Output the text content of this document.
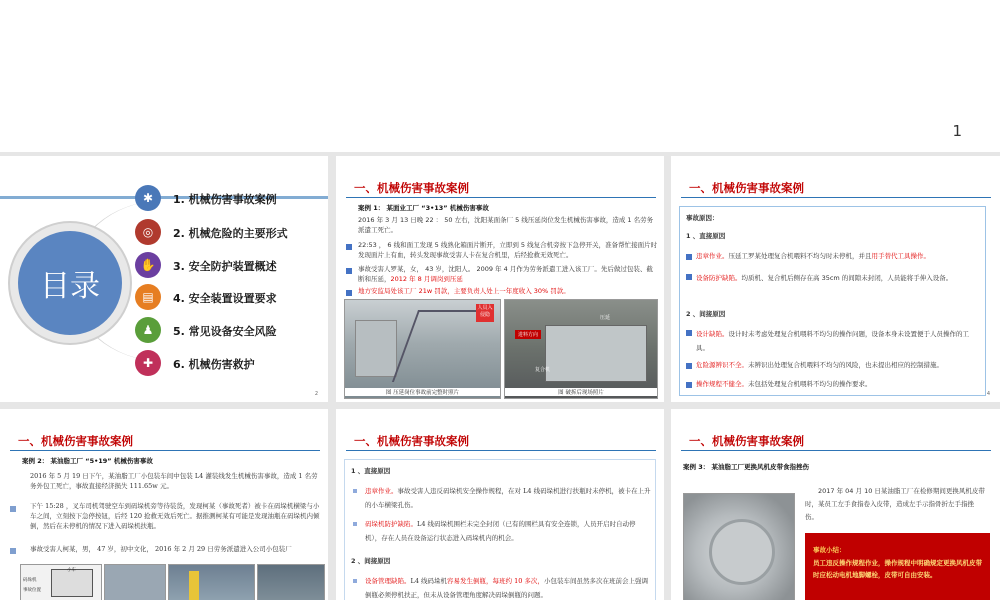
1
目录
✱	1. 机械伤害事故案例
◎	2. 机械危险的主要形式
✋	3. 安全防护装置概述
▤	4. 安全装置设置要求
♟	5. 常见设备安全风险
✚	6. 机械伤害救护
2
一、机械伤害事故案例
案例 1： 某面业工厂 “3•13” 机械伤害事故
2016 年 3 月 13 日晚 22 ： 50 左右，沈阳某面条厂 5 线压延岗位发生机械伤害事故，造成 1 名劳务派遣工死亡。
22:53 ， 6 线和面工发现 5 线熟化箱面片断开，立即到 5 线复合机旁按下急停开关，准备帮忙接面片时发现面片上有血，转头发现事故受害人卡在复合机里，后经抢救无效死亡。
事故受害人罗某，女， 43 岁，沈阳人。 2009 年 4 月作为劳务派遣工进入该工厂。先后做过包装、截断和压延，2012 年 8 月调岗到压延
地方安监局处该工厂 21w 罚款，主要负责人处上一年度收入 30% 罚款。
人员入侵隐
图 压延岗位事故前完整时照片
进料方向
压延
复合机
图 破拆后现场照片
一、机械伤害事故案例
事故原因：
1 、直接原因
违章作业。压延工罗某处理复合机喂料不均匀时未停机，并且用手替代工具操作。
设备防护缺陷。均质机、复合机后侧存在高 35cm 的间隙未封闭，人员能将手伸入设备。
2 、间接原因
设计缺陷。设计时未考虑处理复合机喂料不均匀的操作问题，设备本身未设置便于人员操作的工具。
危险源辨识不全。未辨识出处理复合机喂料不均匀的风险，也未提出相应的控制措施。
操作规程不健全。未包括处理复合机喂料不均匀的操作要求。
4
一、机械伤害事故案例
案例 2： 某油脂工厂 “5•19” 机械伤害事故
2016 年 5 月 19 日下午，某油脂工厂小包装车间中包装 L4 灌装线发生机械伤害事故，造成 1 名劳务外包工死亡，事故直接经济损失 111.65w 元。
下午 15:28 ，叉车司机驾驶空车到码垛机旁等待装货，发现柯某（事故死者）被卡在码垛机横梁与小车之间，立刻按下急停按钮，后经 120 抢救无效后死亡。据推测柯某有可能是发现油瓶在码垛机内倾倒，然后在未停机的情况下进入码垛机扶瓶。
事故受害人柯某，男， 47 岁，初中文化， 2016 年 2 月 29 日劳务派遣进入公司小包装厂
码垛机
事故位置
小车
一、机械伤害事故案例
1 、直接原因
违章作业。事故受害人违反码垛机安全操作规程，在对 L4 线码垛机进行扶瓶时未停机，被卡在上升的小车横梁孔伤。
码垛机防护缺陷。L4 线码垛机围栏未完全封闭（已有的围栏具有安全连锁，人员开启时自动停机），存在人员在设备运行状态进入码垛机内的机会。
2 、间接原因
设备管理缺陷。L4 线码垛机容易发生倒瓶，每班约 10 多次，小包装车间虽然多次在班前会上强调倒瓶必须停机扶正，但未从设备管理角度解决码垛倒瓶的问题。
一、机械伤害事故案例
案例 3： 某油脂工厂更换风机皮带食指挫伤
2017 年 04 月 10 日某油脂工厂在检修期间更换风机皮带时，某员工左手食指卷入皮带，造成左手示指骨折左手指挫伤。
事故小结：
员工违反操作规程作业，操作规程中明确规定更换风机皮带时应松动电机地脚螺栓，皮带可自由安装。
